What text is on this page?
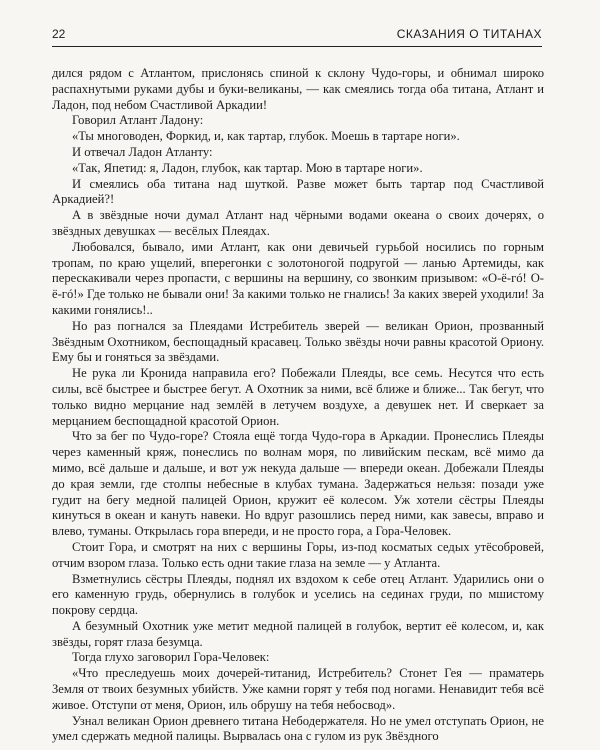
22	СКАЗАНИЯ О ТИТАНАХ

дился рядом с Атлантом, прислонясь спиной к склону Чудо-горы, и обнимал широко распахнутыми руками дубы и буки-великаны, — как смеялись тогда оба титана, Атлант и Ладон, под небом Счастливой Аркадии!

Говорил Атлант Ладону:

«Ты многоводен, Форкид, и, как тартар, глубок. Моешь в тартаре ноги».

И отвечал Ладон Атланту:

«Так, Япетид: я, Ладон, глубок, как тартар. Мою в тартаре ноги».

И смеялись оба титана над шуткой. Разве может быть тартар под Счастливой Аркадией?!

А в звёздные ночи думал Атлант над чёрными водами океана о своих дочерях, о звёздных девушках — весёлых Плеядах.

Любовался, бывало, ими Атлант, как они девичьей гурьбой носились по горным тропам, по краю ущелий, вперегонки с золотоногой подругой — ланью Артемиды, как перескакивали через пропасти, с вершины на вершину, со звонким призывом: «О-ё-гó! О-ё-гó!» Где только не бывали они! За какими только не гнались! За каких зверей уходили! За какими гонялись!..

Но раз погнался за Плеядами Истребитель зверей — великан Орион, прозванный Звёздным Охотником, беспощадный красавец. Только звёзды ночи равны красотой Ориону. Ему бы и гоняться за звёздами.

Не рука ли Кронида направила его? Побежали Плеяды, все семь. Несутся что есть силы, всё быстрее и быстрее бегут. А Охотник за ними, всё ближе и ближе... Так бегут, что только видно мерцание над землёй в летучем воздухе, а девушек нет. И сверкает за мерцанием беспощадной красотой Орион.

Что за бег по Чудо-горе? Стояла ещё тогда Чудо-гора в Аркадии. Пронеслись Плеяды через каменный кряж, понеслись по волнам моря, по ливийским пескам, всё мимо да мимо, всё дальше и дальше, и вот уж некуда дальше — впереди океан. Добежали Плеяды до края земли, где столпы небесные в клубах тумана. Задержаться нельзя: позади уже гудит на бегу медной палицей Орион, кружит её колесом. Уж хотели сёстры Плеяды кинуться в океан и кануть навеки. Но вдруг разошлись перед ними, как завесы, вправо и влево, туманы. Открылась гора впереди, и не просто гора, а Гора-Человек.

Стоит Гора, и смотрят на них с вершины Горы, из-под косматых седых утёсобровей, отчим взором глаза. Только есть одни такие глаза на земле — у Атланта.

Взметнулись сёстры Плеяды, поднял их вздохом к себе отец Атлант. Ударились они о его каменную грудь, обернулись в голубок и уселись на сединах груди, по мшистому покрову сердца.

А безумный Охотник уже метит медной палицей в голубок, вертит её колесом, и, как звёзды, горят глаза безумца.

Тогда глухо заговорил Гора-Человек:

«Что преследуешь моих дочерей-титанид, Истребитель? Стонет Гея — праматерь Земля от твоих безумных убийств. Уже камни горят у тебя под ногами. Ненавидит тебя всё живое. Отступи от меня, Орион, иль обрушу на тебя небосвод».

Узнал великан Орион древнего титана Небодержателя. Но не умел отступать Орион, не умел сдержать медной палицы. Вырвалась она с гулом из рук Звёздного
